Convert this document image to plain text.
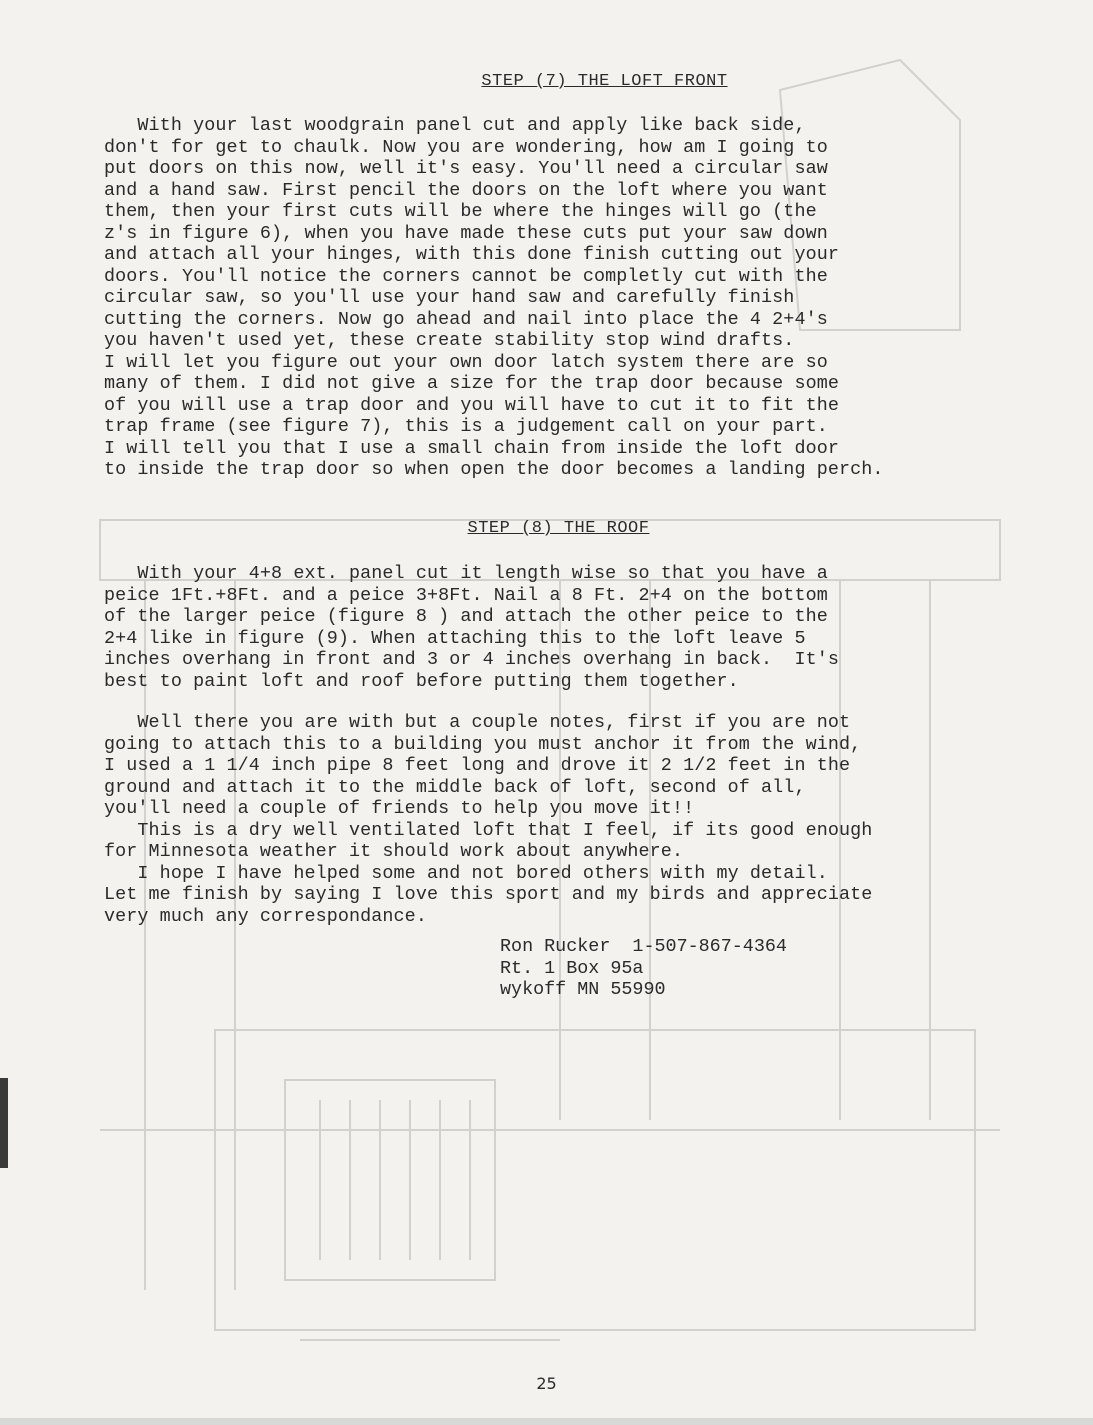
STEP (7) THE LOFT FRONT

With your last woodgrain panel cut and apply like back side,
don't for get to chaulk. Now you are wondering, how am I going to
put doors on this now, well it's easy. You'll need a circular saw
and a hand saw. First pencil the doors on the loft where you want
them, then your first cuts will be where the hinges will go (the
z's in figure 6), when you have made these cuts put your saw down
and attach all your hinges, with this done finish cutting out your
doors. You'll notice the corners cannot be completly cut with the
circular saw, so you'll use your hand saw and carefully finish
cutting the corners. Now go ahead and nail into place the 4 2+4's
you haven't used yet, these create stability stop wind drafts.
I will let you figure out your own door latch system there are so
many of them. I did not give a size for the trap door because some
of you will use a trap door and you will have to cut it to fit the
trap frame (see figure 7), this is a judgement call on your part.
I will tell you that I use a small chain from inside the loft door
to inside the trap door so when open the door becomes a landing perch.

STEP (8) THE ROOF

With your 4+8 ext. panel cut it length wise so that you have a
peice 1Ft.+8Ft. and a peice 3+8Ft. Nail a 8 Ft. 2+4 on the bottom
of the larger peice (figure 8 ) and attach the other peice to the
2+4 like in figure (9). When attaching this to the loft leave 5
inches overhang in front and 3 or 4 inches overhang in back.  It's
best to paint loft and roof before putting them together.

Well there you are with but a couple notes, first if you are not
going to attach this to a building you must anchor it from the wind,
I used a 1 1/4 inch pipe 8 feet long and drove it 2 1/2 feet in the
ground and attach it to the middle back of loft, second of all,
you'll need a couple of friends to help you move it!!
This is a dry well ventilated loft that I feel, if its good enough
for Minnesota weather it should work about anywhere.
I hope I have helped some and not bored others with my detail.
Let me finish by saying I love this sport and my birds and appreciate
very much any correspondance.

Ron Rucker  1-507-867-4364
Rt. 1 Box 95a
wykoff MN 55990
25
